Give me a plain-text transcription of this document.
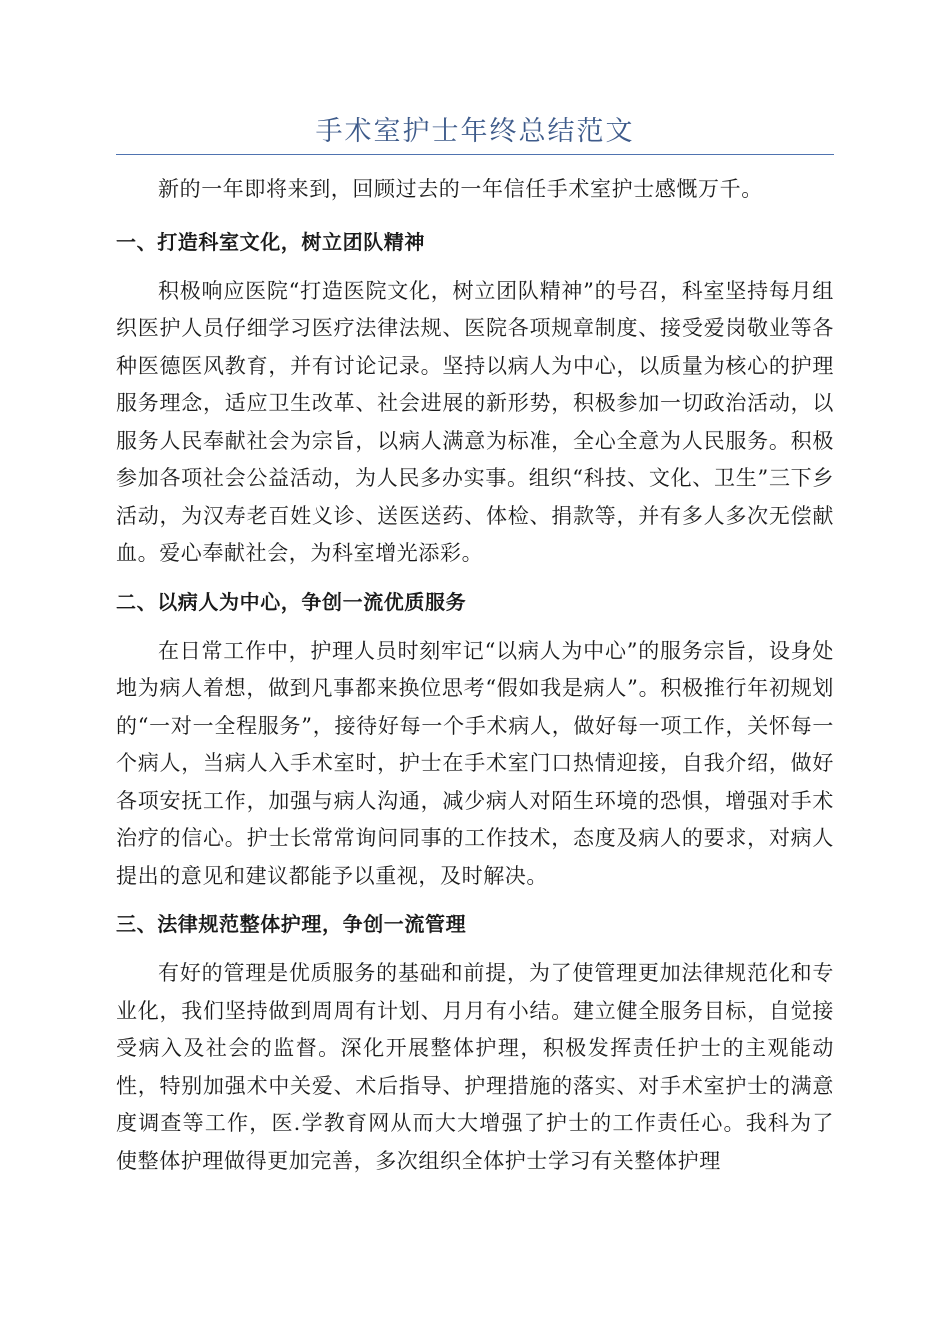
手术室护士年终总结范文

新的一年即将来到，回顾过去的一年信任手术室护士感慨万千。

一、打造科室文化，树立团队精神

积极响应医院“打造医院文化，树立团队精神”的号召，科室坚持每月组织医护人员仔细学习医疗法律法规、医院各项规章制度、接受爱岗敬业等各种医德医风教育，并有讨论记录。坚持以病人为中心，以质量为核心的护理服务理念，适应卫生改革、社会进展的新形势，积极参加一切政治活动，以服务人民奉献社会为宗旨，以病人满意为标准，全心全意为人民服务。积极参加各项社会公益活动，为人民多办实事。组织“科技、文化、卫生”三下乡活动，为汉寿老百姓义诊、送医送药、体检、捐款等，并有多人多次无偿献血。爱心奉献社会，为科室增光添彩。

二、以病人为中心，争创一流优质服务

在日常工作中，护理人员时刻牢记“以病人为中心”的服务宗旨，设身处地为病人着想，做到凡事都来换位思考“假如我是病人”。积极推行年初规划的“一对一全程服务”，接待好每一个手术病人，做好每一项工作，关怀每一个病人，当病人入手术室时，护士在手术室门口热情迎接，自我介绍，做好各项安抚工作，加强与病人沟通，减少病人对陌生环境的恐惧，增强对手术治疗的信心。护士长常常询问同事的工作技术，态度及病人的要求，对病人提出的意见和建议都能予以重视，及时解决。

三、法律规范整体护理，争创一流管理

有好的管理是优质服务的基础和前提，为了使管理更加法律规范化和专业化，我们坚持做到周周有计划、月月有小结。建立健全服务目标，自觉接受病入及社会的监督。深化开展整体护理，积极发挥责任护士的主观能动性，特别加强术中关爱、术后指导、护理措施的落实、对手术室护士的满意度调查等工作，医.学教育网从而大大增强了护士的工作责任心。我科为了使整体护理做得更加完善，多次组织全体护士学习有关整体护理
